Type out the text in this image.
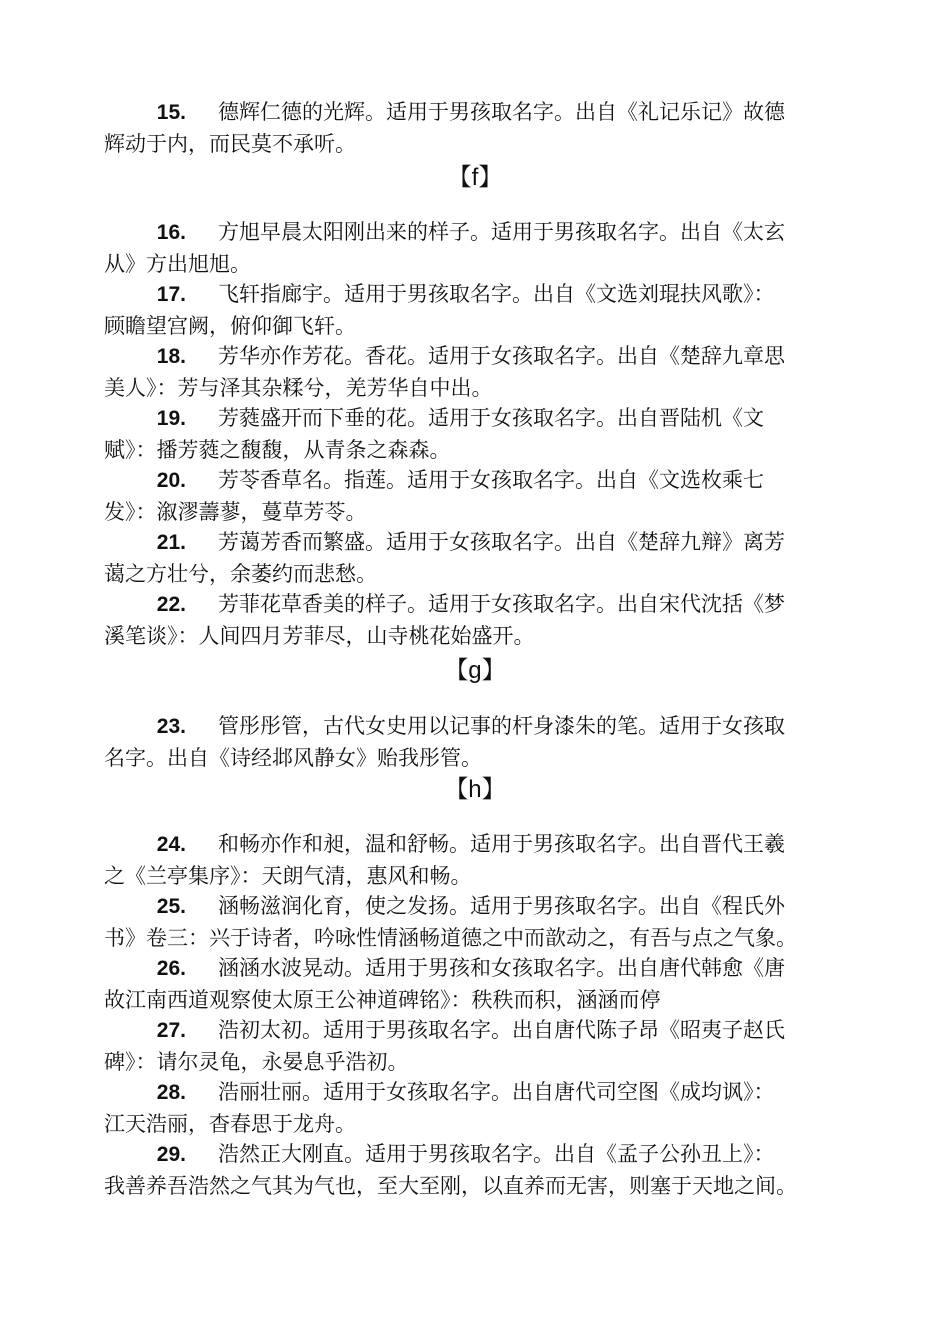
15. 德辉仁德的光辉。适用于男孩取名字。出自《礼记乐记》故德
辉动于内，而民莫不承听。
【f】
16. 方旭早晨太阳刚出来的样子。适用于男孩取名字。出自《太玄
从》方出旭旭。
17. 飞轩指廊宇。适用于男孩取名字。出自《文选刘琨扶风歌》：
顾瞻望宫阙，俯仰御飞轩。
18. 芳华亦作芳花。香花。适用于女孩取名字。出自《楚辞九章思
美人》：芳与泽其杂糅兮，羌芳华自中出。
19. 芳蕤盛开而下垂的花。适用于女孩取名字。出自晋陆机《文
赋》：播芳蕤之馥馥，从青条之森森。
20. 芳苓香草名。指莲。适用于女孩取名字。出自《文选枚乘七
发》：溆漻薵蓼，蔓草芳苓。
21. 芳蔼芳香而繁盛。适用于女孩取名字。出自《楚辞九辩》离芳
蔼之方壮兮，余萎约而悲愁。
22. 芳菲花草香美的样子。适用于女孩取名字。出自宋代沈括《梦
溪笔谈》：人间四月芳菲尽，山寺桃花始盛开。
【g】
23. 管彤彤管，古代女史用以记事的杆身漆朱的笔。适用于女孩取
名字。出自《诗经邶风静女》贻我彤管。
【h】
24. 和畅亦作和昶，温和舒畅。适用于男孩取名字。出自晋代王羲
之《兰亭集序》：天朗气清，惠风和畅。
25. 涵畅滋润化育，使之发扬。适用于男孩取名字。出自《程氏外
书》卷三：兴于诗者，吟咏性情涵畅道德之中而歆动之，有吾与点之气象。
26. 涵涵水波晃动。适用于男孩和女孩取名字。出自唐代韩愈《唐
故江南西道观察使太原王公神道碑铭》：秩秩而积，涵涵而停
27. 浩初太初。适用于男孩取名字。出自唐代陈子昂《昭夷子赵氏
碑》：请尔灵龟，永晏息乎浩初。
28. 浩丽壮丽。适用于女孩取名字。出自唐代司空图《成均讽》：
江天浩丽，杳春思于龙舟。
29. 浩然正大刚直。适用于男孩取名字。出自《孟子公孙丑上》：
我善养吾浩然之气其为气也，至大至刚，以直养而无害，则塞于天地之间。
